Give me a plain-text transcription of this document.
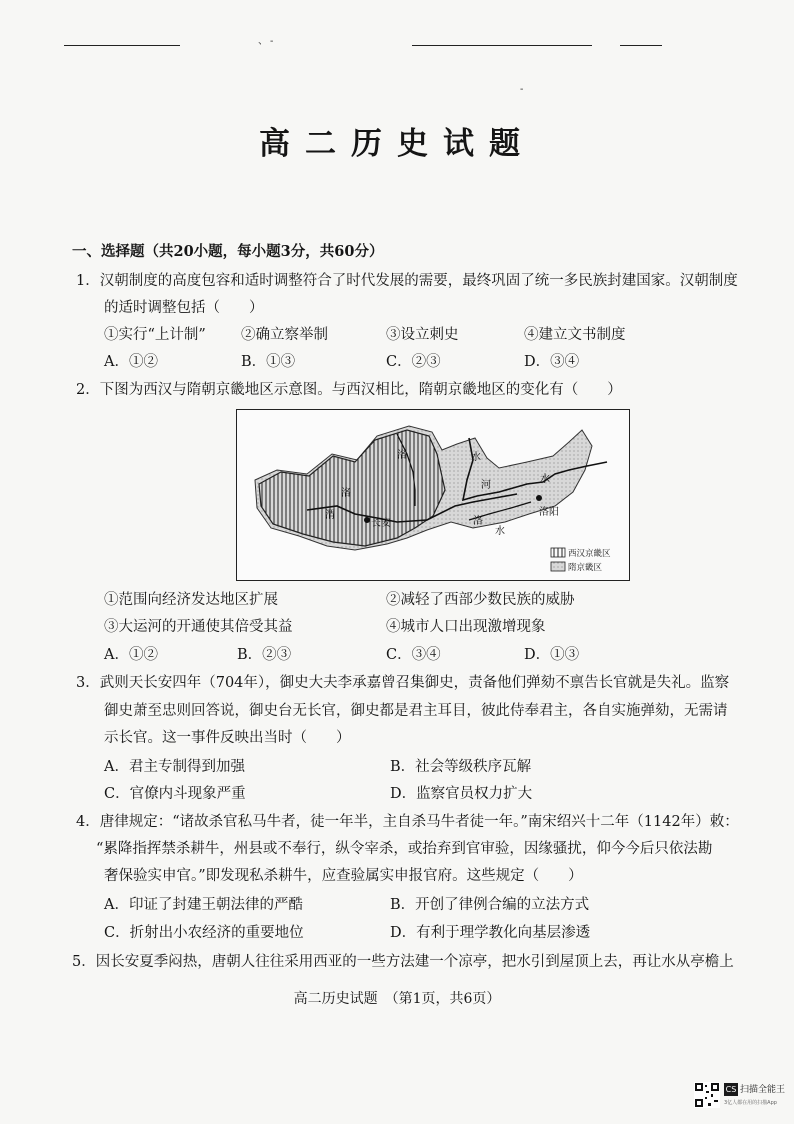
、-
-
高二历史试题
一、选择题（共20小题，每小题3分，共60分）
1．汉朝制度的高度包容和适时调整符合了时代发展的需要，最终巩固了统一多民族封建国家。汉朝制度
的适时调整包括（　　）
①实行“上计制” ②确立察举制	③设立刺史	④建立文书制度
A．①②	B．①③	C．②③	D．③④
2．下图为西汉与隋朝京畿地区示意图。与西汉相比，隋朝京畿地区的变化有（　　）
长安
洛阳
河
水
水
洛
洛
水
洛
渭
西汉京畿区
隋京畿区
①范围向经济发达地区扩展	②减轻了西部少数民族的威胁
③大运河的开通使其倍受其益	④城市人口出现激增现象
A．①②	B．②③	C．③④	D．①③
3．武则天长安四年（704年），御史大夫李承嘉曾召集御史，责备他们弹劾不禀告长官就是失礼。监察
御史萧至忠则回答说，御史台无长官，御史都是君主耳目，彼此侍奉君主，各自实施弹劾，无需请
示长官。这一事件反映出当时（　　）
A．君主专制得到加强	B．社会等级秩序瓦解
C．官僚内斗现象严重	D．监察官员权力扩大
4．唐律规定：“诸故杀官私马牛者，徒一年半，主自杀马牛者徒一年。”南宋绍兴十二年（1142年）敕：
“累降指挥禁杀耕牛，州县或不奉行，纵令宰杀，或抬弃到官审验，因缘骚扰，仰今今后只依法勘
奢保验实申官。”即发现私杀耕牛，应查验属实申报官府。这些规定（　　）
A．印证了封建王朝法律的严酷	B．开创了律例合编的立法方式
C．折射出小农经济的重要地位	D．有利于理学教化向基层渗透
5．因长安夏季闷热，唐朝人往往采用西亚的一些方法建一个凉亭，把水引到屋顶上去，再让水从亭檐上
高二历史试题　（第1页，共6页）
CS 扫描全能王
3亿人都在用的扫描App
